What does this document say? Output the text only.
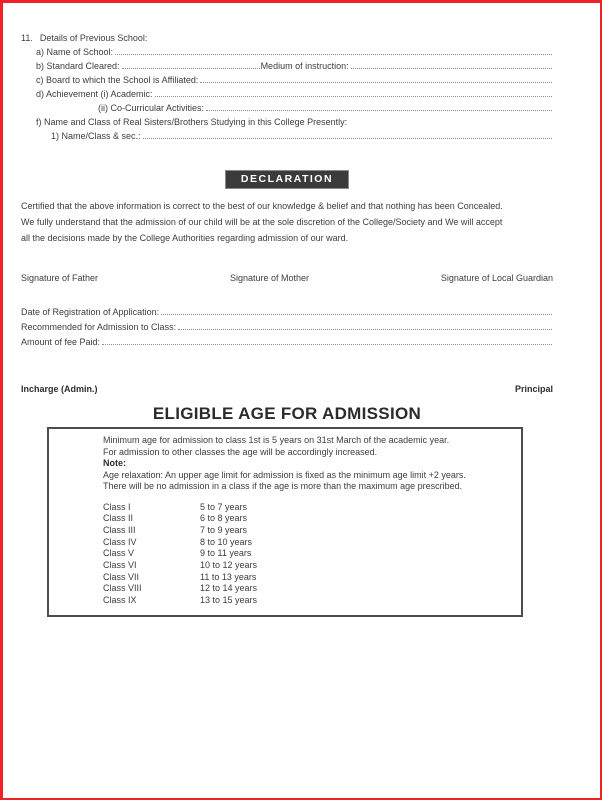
11. Details of Previous School:
a) Name of School:
b) Standard Cleared:	Medium of instruction:
c) Board to which the School is Affiliated:
d) Achievement (i) Academic:
(ii) Co-Curricular Activities:
f) Name and Class of Real Sisters/Brothers Studying in this College Presently:
1) Name/Class & sec.:
DECLARATION
Certified that the above information is correct to the best of our knowledge & belief and that nothing has been Concealed.
We fully understand that the admission of our child will be at the sole discretion of the College/Society and We will accept
all the decisions made by the College Authorities regarding admission of our ward.
Signature of Father	Signature of Mother	Signature of Local Guardian
Date of Registration of Application:
Recommended for Admission to Class:
Amount of fee Paid:
Incharge (Admin.)	Principal
ELIGIBLE AGE FOR ADMISSION
Minimum age for admission to class 1st is 5 years on 31st March of the academic year.
For admission to other classes the age will be accordingly increased.
Note:
Age relaxation: An upper age limit for admission is fixed as the minimum age limit +2 years.
There will be no admission in a class if the age is more than the maximum age prescribed.
Class I	5 to 7 years
Class II	6 to 8 years
Class III	7 to 9 years
Class IV	8 to 10 years
Class V	9 to 11 years
Class VI	10 to 12 years
Class VII	11 to 13 years
Class VIII	12 to 14 years
Class IX	13 to 15 years
